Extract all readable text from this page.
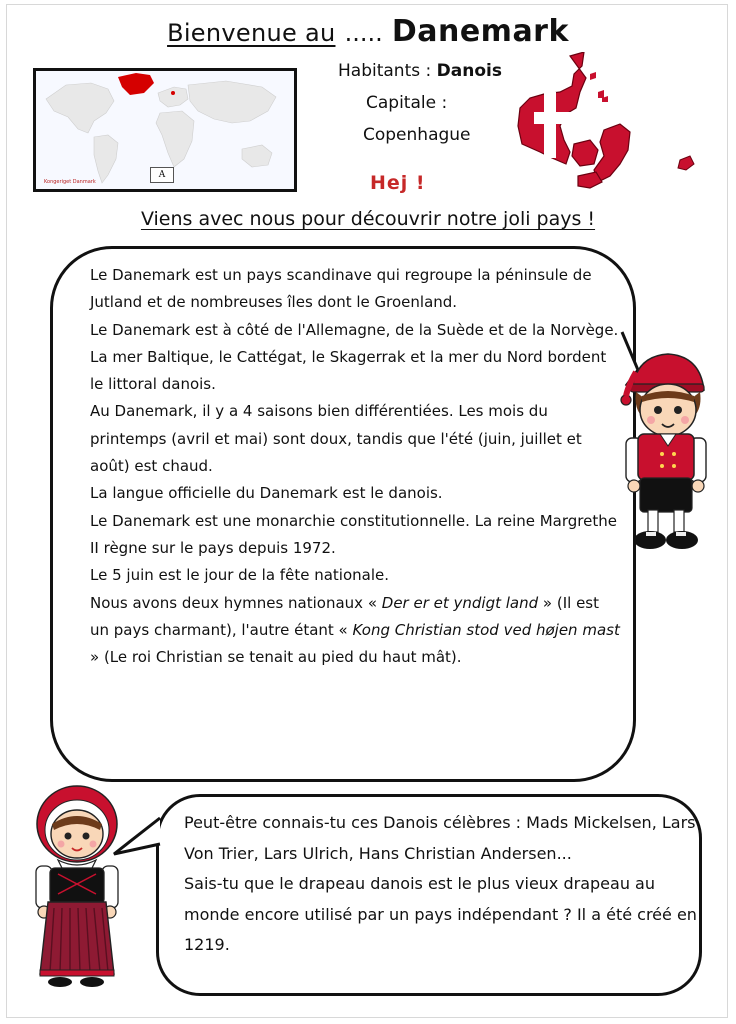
Bienvenue au ..... Danemark
Kongeriget Danmark
A
Habitants : Danois
Capitale :
Copenhague
Hej !
Viens avec nous pour découvrir notre joli pays !

Le Danemark est un pays scandinave qui regroupe la péninsule de Jutland et de nombreuses îles dont le Groenland.

Le Danemark est à côté de l'Allemagne, de la Suède et de la Norvège.

La mer Baltique, le Cattégat, le Skagerrak et la mer du Nord bordent le littoral danois.

Au Danemark, il y a 4 saisons bien différentiées. Les mois du printemps (avril et mai) sont doux, tandis que l'été (juin, juillet et août) est chaud.

La langue officielle du Danemark est le danois.

Le Danemark est une monarchie constitutionnelle. La reine Margrethe II règne sur le pays depuis 1972.

Le 5 juin est le jour de la fête nationale.

Nous avons deux hymnes nationaux « Der er et yndigt land » (Il est un pays charmant), l'autre étant « Kong Christian stod ved højen mast » (Le roi Christian se tenait au pied du haut mât).

Peut-être connais-tu ces Danois célèbres : Mads Mickelsen, Lars Von Trier, Lars Ulrich, Hans Christian Andersen...

Sais-tu que le drapeau danois est le plus vieux drapeau au monde encore utilisé par un pays indépendant ? Il a été créé en 1219.
